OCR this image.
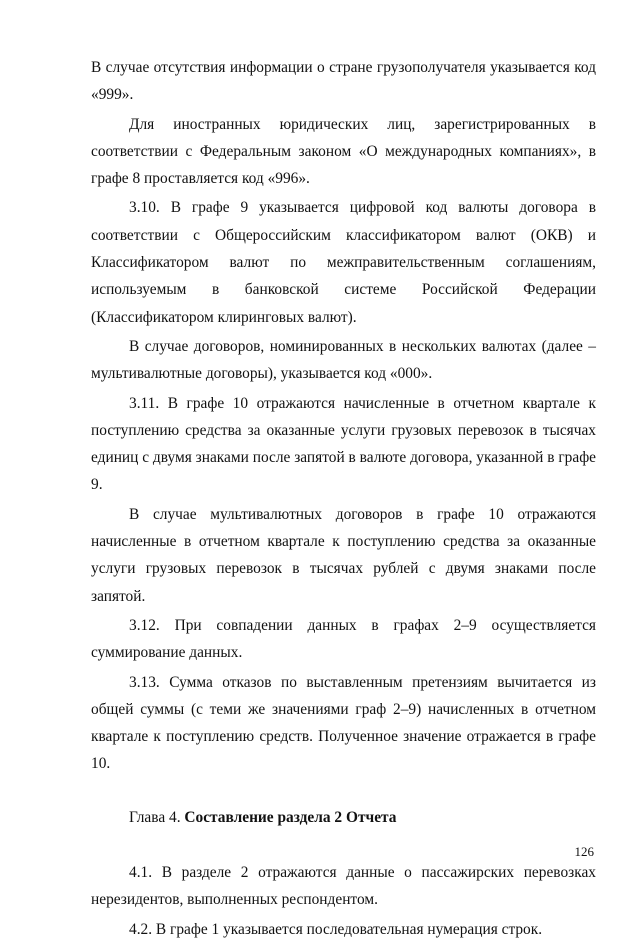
В случае отсутствия информации о стране грузополучателя указывается код «999».

Для иностранных юридических лиц, зарегистрированных в соответствии с Федеральным законом «О международных компаниях», в графе 8 проставляется код «996».

3.10. В графе 9 указывается цифровой код валюты договора в соответствии с Общероссийским классификатором валют (ОКВ) и Классификатором валют по межправительственным соглашениям, используемым в банковской системе Российской Федерации (Классификатором клиринговых валют).

В случае договоров, номинированных в нескольких валютах (далее – мультивалютные договоры), указывается код «000».

3.11. В графе 10 отражаются начисленные в отчетном квартале к поступлению средства за оказанные услуги грузовых перевозок в тысячах единиц с двумя знаками после запятой в валюте договора, указанной в графе 9.

В случае мультивалютных договоров в графе 10 отражаются начисленные в отчетном квартале к поступлению средства за оказанные услуги грузовых перевозок в тысячах рублей с двумя знаками после запятой.

3.12. При совпадении данных в графах 2–9 осуществляется суммирование данных.

3.13. Сумма отказов по выставленным претензиям вычитается из общей суммы (с теми же значениями граф 2–9) начисленных в отчетном квартале к поступлению средств. Полученное значение отражается в графе 10.

Глава 4. Составление раздела 2 Отчета

4.1. В разделе 2 отражаются данные о пассажирских перевозках нерезидентов, выполненных респондентом.

4.2. В графе 1 указывается последовательная нумерация строк.

126
